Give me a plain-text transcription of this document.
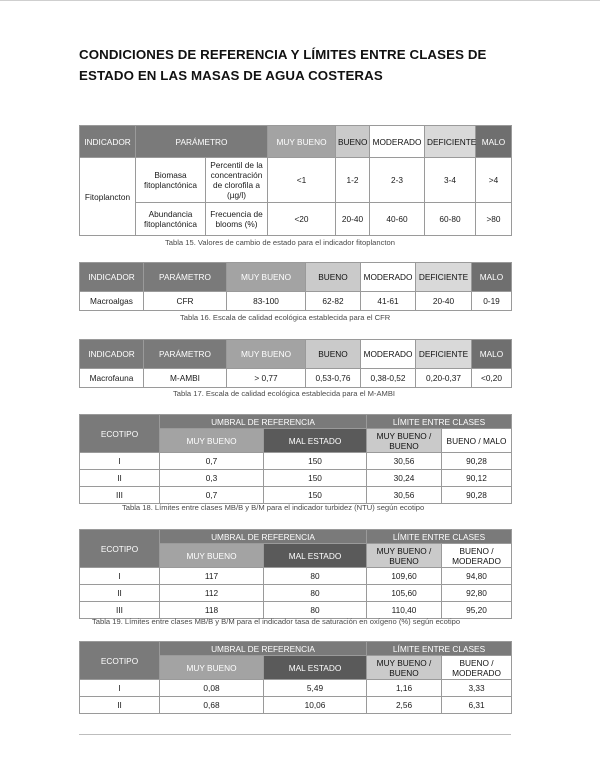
CONDICIONES DE REFERENCIA Y LÍMITES ENTRE CLASES DE ESTADO EN LAS MASAS DE AGUA COSTERAS
INDICADOR	PARÁMETRO		MUY BUENO	BUENO	MODERADO	DEFICIENTE	MALO
Fitoplancton	Biomasa fitoplanctónica	Percentil de la concentración de clorofila a (µg/l)	<1	1-2	2-3	3-4	>4
	Abundancia fitoplanctónica	Frecuencia de blooms (%)	<20	20-40	40-60	60-80	>80
Tabla 15. Valores de cambio de estado para el indicador fitoplancton
INDICADOR	PARÁMETRO	MUY BUENO	BUENO	MODERADO	DEFICIENTE	MALO
Macroalgas	CFR	83-100	62-82	41-61	20-40	0-19
Tabla 16. Escala de calidad ecológica establecida para el CFR
INDICADOR	PARÁMETRO	MUY BUENO	BUENO	MODERADO	DEFICIENTE	MALO
Macrofauna	M-AMBI	> 0,77	0,53-0,76	0,38-0,52	0,20-0,37	<0,20
Tabla 17. Escala de calidad ecológica establecida para el M-AMBI
ECOTIPO	UMBRAL DE REFERENCIA		LÍMITE ENTRE CLASES	
	MUY BUENO	MAL ESTADO	MUY BUENO / BUENO	BUENO / MALO
I	0,7	150	30,56	90,28
II	0,3	150	30,24	90,12
III	0,7	150	30,56	90,28
Tabla 18. Límites entre clases MB/B y B/M para el indicador turbidez (NTU) según ecotipo
ECOTIPO	UMBRAL DE REFERENCIA		LÍMITE ENTRE CLASES	
	MUY BUENO	MAL ESTADO	MUY BUENO / BUENO	BUENO / MODERADO
I	117	80	109,60	94,80
II	112	80	105,60	92,80
III	118	80	110,40	95,20
Tabla 19. Límites entre clases MB/B y B/M para el indicador tasa de saturación en oxígeno (%) según ecotipo
ECOTIPO	UMBRAL DE REFERENCIA		LÍMITE ENTRE CLASES	
	MUY BUENO	MAL ESTADO	MUY BUENO / BUENO	BUENO / MODERADO
I	0,08	5,49	1,16	3,33
II	0,68	10,06	2,56	6,31
